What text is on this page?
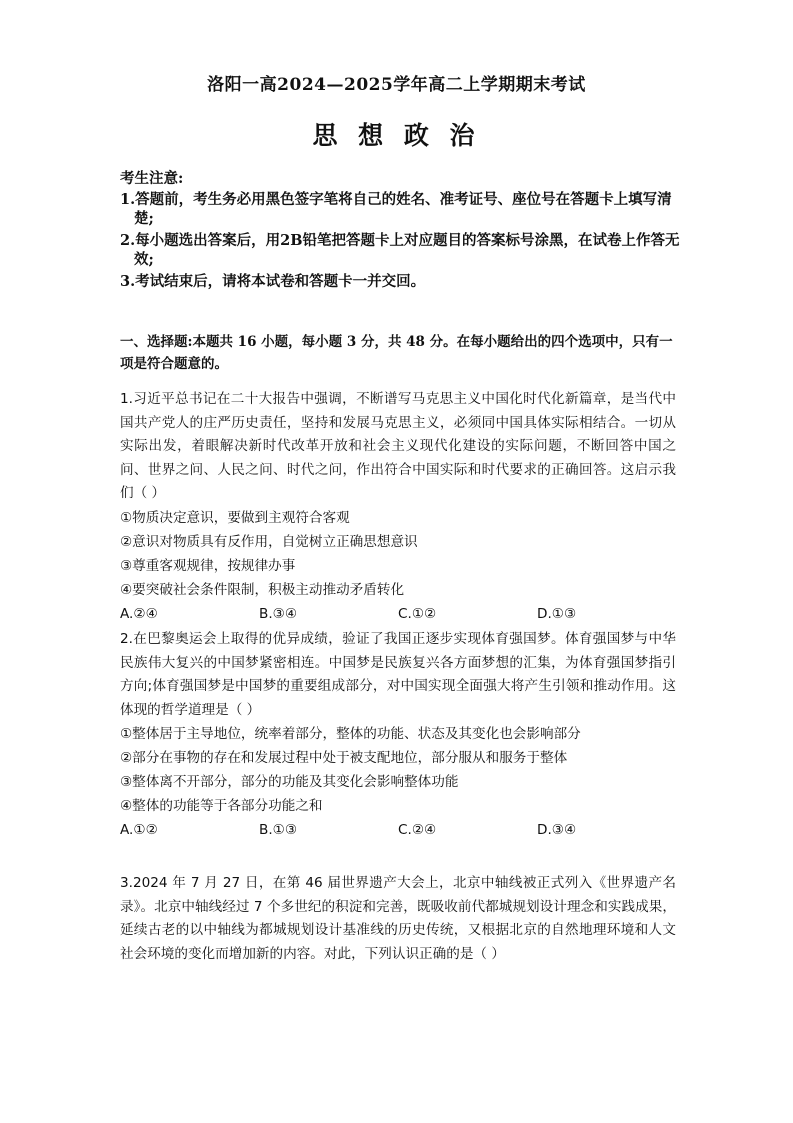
洛阳一高2024—2025学年高二上学期期末考试
思 想 政 治
考生注意:
1.答题前，考生务必用黑色签字笔将自己的姓名、准考证号、座位号在答题卡上填写清楚;
2.每小题选出答案后，用2B铅笔把答题卡上对应题目的答案标号涂黑，在试卷上作答无效;
3.考试结束后，请将本试卷和答题卡一并交回。
一、选择题:本题共 16 小题，每小题 3 分，共 48 分。在每小题给出的四个选项中，只有一项是符合题意的。
1.习近平总书记在二十大报告中强调，不断谱写马克思主义中国化时代化新篇章，是当代中国共产党人的庄严历史责任，坚持和发展马克思主义，必须同中国具体实际相结合。一切从实际出发，着眼解决新时代改革开放和社会主义现代化建设的实际问题，不断回答中国之问、世界之问、人民之问、时代之问，作出符合中国实际和时代要求的正确回答。这启示我们（ ）
①物质决定意识，要做到主观符合客观
②意识对物质具有反作用，自觉树立正确思想意识
③尊重客观规律，按规律办事
④要突破社会条件限制，积极主动推动矛盾转化
A.②④	B.③④	C.①②	D.①③
2.在巴黎奥运会上取得的优异成绩，验证了我国正逐步实现体育强国梦。体育强国梦与中华民族伟大复兴的中国梦紧密相连。中国梦是民族复兴各方面梦想的汇集，为体育强国梦指引方向;体育强国梦是中国梦的重要组成部分，对中国实现全面强大将产生引领和推动作用。这体现的哲学道理是（ ）
①整体居于主导地位，统率着部分，整体的功能、状态及其变化也会影响部分
②部分在事物的存在和发展过程中处于被支配地位，部分服从和服务于整体
③整体离不开部分，部分的功能及其变化会影响整体功能
④整体的功能等于各部分功能之和
A.①②	B.①③	C.②④	D.③④
3.2024 年 7 月 27 日，在第 46 届世界遗产大会上，北京中轴线被正式列入《世界遗产名录》。北京中轴线经过 7 个多世纪的积淀和完善，既吸收前代都城规划设计理念和实践成果，延续古老的以中轴线为都城规划设计基准线的历史传统，又根据北京的自然地理环境和人文社会环境的变化而增加新的内容。对此，下列认识正确的是（ ）
